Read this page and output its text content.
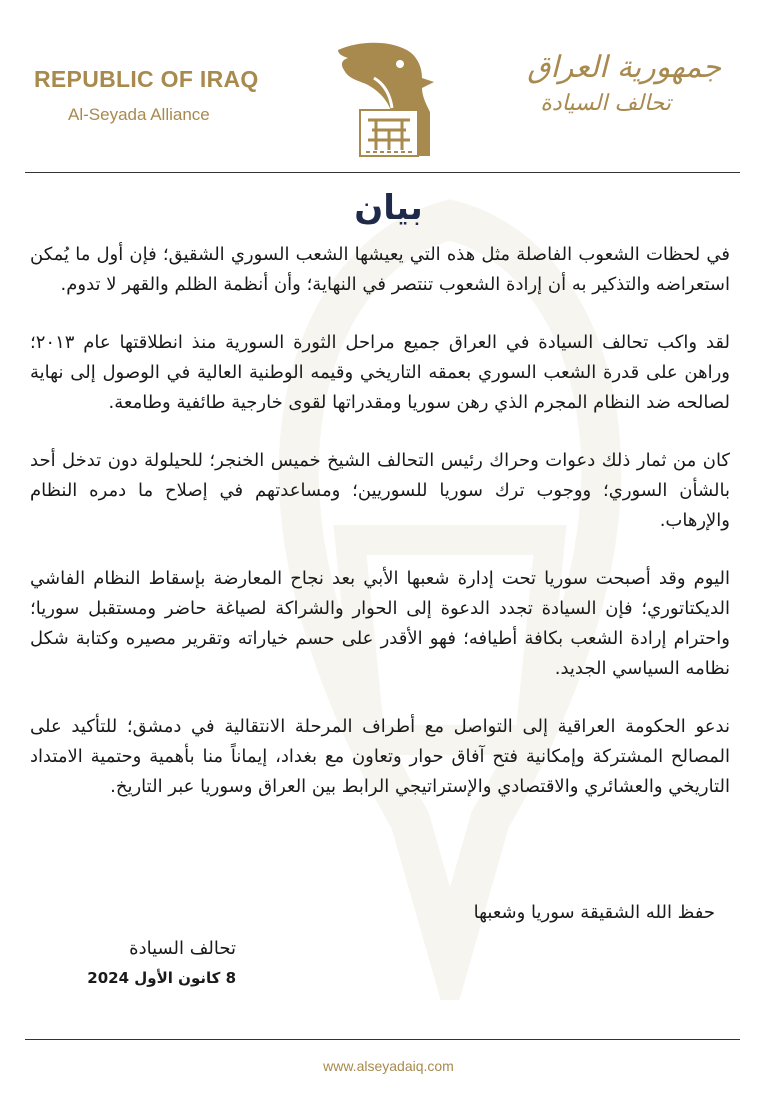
REPUBLIC OF IRAQ
Al-Seyada Alliance
جمهورية العراق
تحالف السيادة
بيان

في لحظات الشعوب الفاصلة مثل هذه التي يعيشها الشعب السوري الشقيق؛ فإن أول ما يُمكن استعراضه والتذكير به أن إرادة الشعوب تنتصر في النهاية؛ وأن أنظمة الظلم والقهر لا تدوم.

لقد واكب تحالف السيادة في العراق جميع مراحل الثورة السورية منذ انطلاقتها عام ٢٠١٣؛ وراهن على قدرة الشعب السوري بعمقه التاريخي وقيمه الوطنية العالية في الوصول إلى نهاية لصالحه ضد النظام المجرم الذي رهن سوريا ومقدراتها لقوى خارجية طائفية وطامعة.

كان من ثمار ذلك دعوات وحراك رئيس التحالف الشيخ خميس الخنجر؛ للحيلولة دون تدخل أحد بالشأن السوري؛ ووجوب ترك سوريا للسوريين؛ ومساعدتهم في إصلاح ما دمره النظام والإرهاب.

اليوم وقد أصبحت سوريا تحت إدارة شعبها الأبي بعد نجاح المعارضة بإسقاط النظام الفاشي الديكتاتوري؛ فإن السيادة تجدد الدعوة إلى الحوار والشراكة لصياغة حاضر ومستقبل سوريا؛ واحترام إرادة الشعب بكافة أطيافه؛ فهو الأقدر على حسم خياراته وتقرير مصيره وكتابة شكل نظامه السياسي الجديد.

ندعو الحكومة العراقية إلى التواصل مع أطراف المرحلة الانتقالية في دمشق؛ للتأكيد على المصالح المشتركة وإمكانية فتح آفاق حوار وتعاون مع بغداد، إيماناً منا بأهمية وحتمية الامتداد التاريخي والعشائري والاقتصادي والإستراتيجي الرابط بين العراق وسوريا عبر التاريخ.

حفظ الله الشقيقة سوريا وشعبها
تحالف السيادة
8 كانون الأول 2024
www.alseyadaiq.com
